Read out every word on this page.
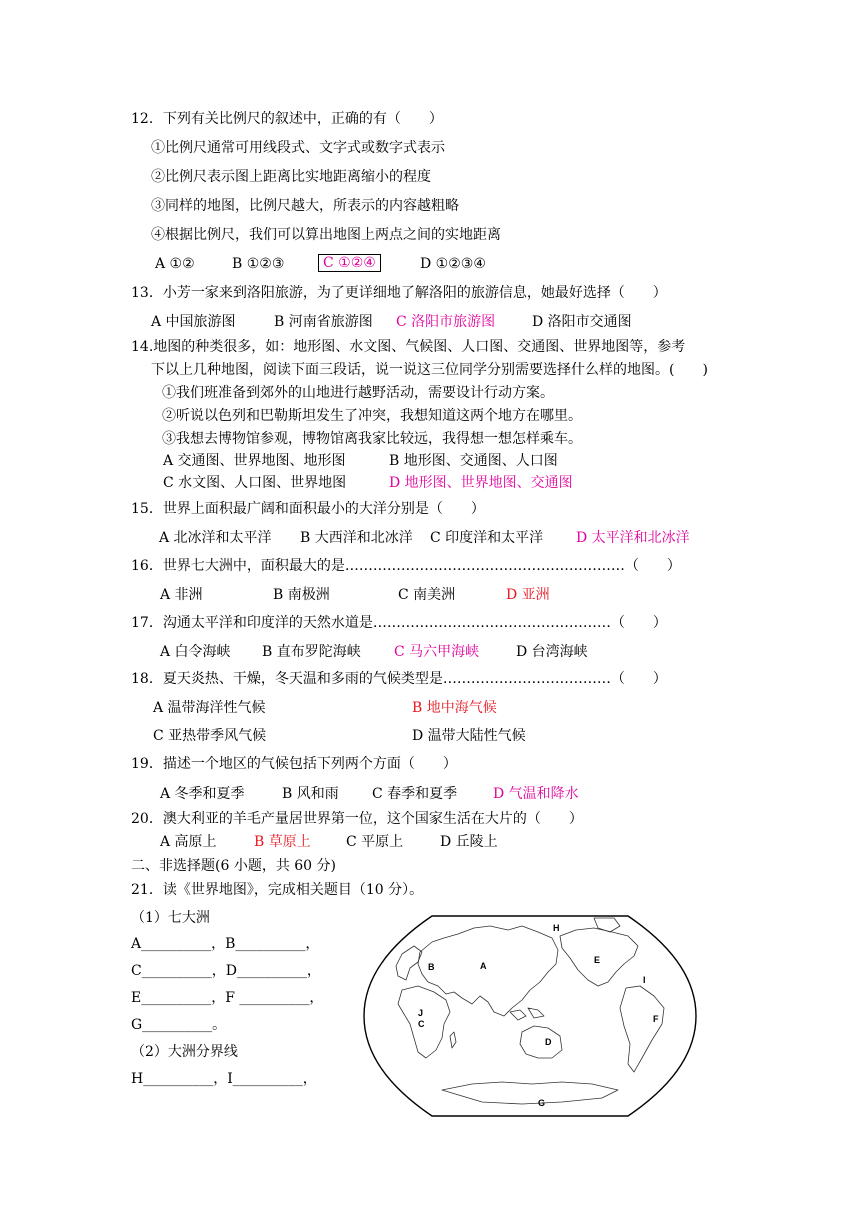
12．下列有关比例尺的叙述中，正确的有（　　）
①比例尺通常可用线段式、文字式或数字式表示
②比例尺表示图上距离比实地距离缩小的程度
③同样的地图，比例尺越大，所表示的内容越粗略
④根据比例尺，我们可以算出地图上两点之间的实地距离
A ①②	B ①②③	C ①②④	D ①②③④
13．小芳一家来到洛阳旅游，为了更详细地了解洛阳的旅游信息，她最好选择（　　）
A 中国旅游图	B 河南省旅游图 C 洛阳市旅游图	D 洛阳市交通图
14.地图的种类很多，如：地形图、水文图、气候图、人口图、交通图、世界地图等，参考
下以上几种地图，阅读下面三段话，说一说这三位同学分别需要选择什么样的地图。(　　)
①我们班准备到郊外的山地进行越野活动，需要设计行动方案。
②听说以色列和巴勒斯坦发生了冲突，我想知道这两个地方在哪里。
③我想去博物馆参观，博物馆离我家比较远，我得想一想怎样乘车。
A 交通图、世界地图、地形图	B 地形图、交通图、人口图
C 水文图、人口图、世界地图	D 地形图、世界地图、交通图
15．世界上面积最广阔和面积最小的大洋分别是（　　）
A 北冰洋和太平洋 B 大西洋和北冰洋 C 印度洋和太平洋 D 太平洋和北冰洋
16．世界七大洲中，面积最大的是……………………………………………………（　　）
A 非洲	B 南极洲	C 南美洲	D 亚洲
17．沟通太平洋和印度洋的天然水道是……………………………………………（　　）
A 白令海峡 B 直布罗陀海峡 C 马六甲海峡	D 台湾海峡
18．夏天炎热、干燥，冬天温和多雨的气候类型是………………………………（　　）
A 温带海洋性气候	B 地中海气候
C 亚热带季风气候	D 温带大陆性气候
19．描述一个地区的气候包括下列两个方面（　　）
A 冬季和夏季	B 风和雨 C 春季和夏季	D 气温和降水
20．澳大利亚的羊毛产量居世界第一位，这个国家生活在大片的（　　）
A 高原上	B 草原上	C 平原上	D 丘陵上
二、非选择题(6 小题，共 60 分)
21．读《世界地图》，完成相关题目（10 分）。
（1）七大洲
A__________，B__________，
C__________，D__________，
E__________，F __________，
G__________。
（2）大洲分界线
H__________，I__________，
A
B
C
D
E
F
G
H
I
J
